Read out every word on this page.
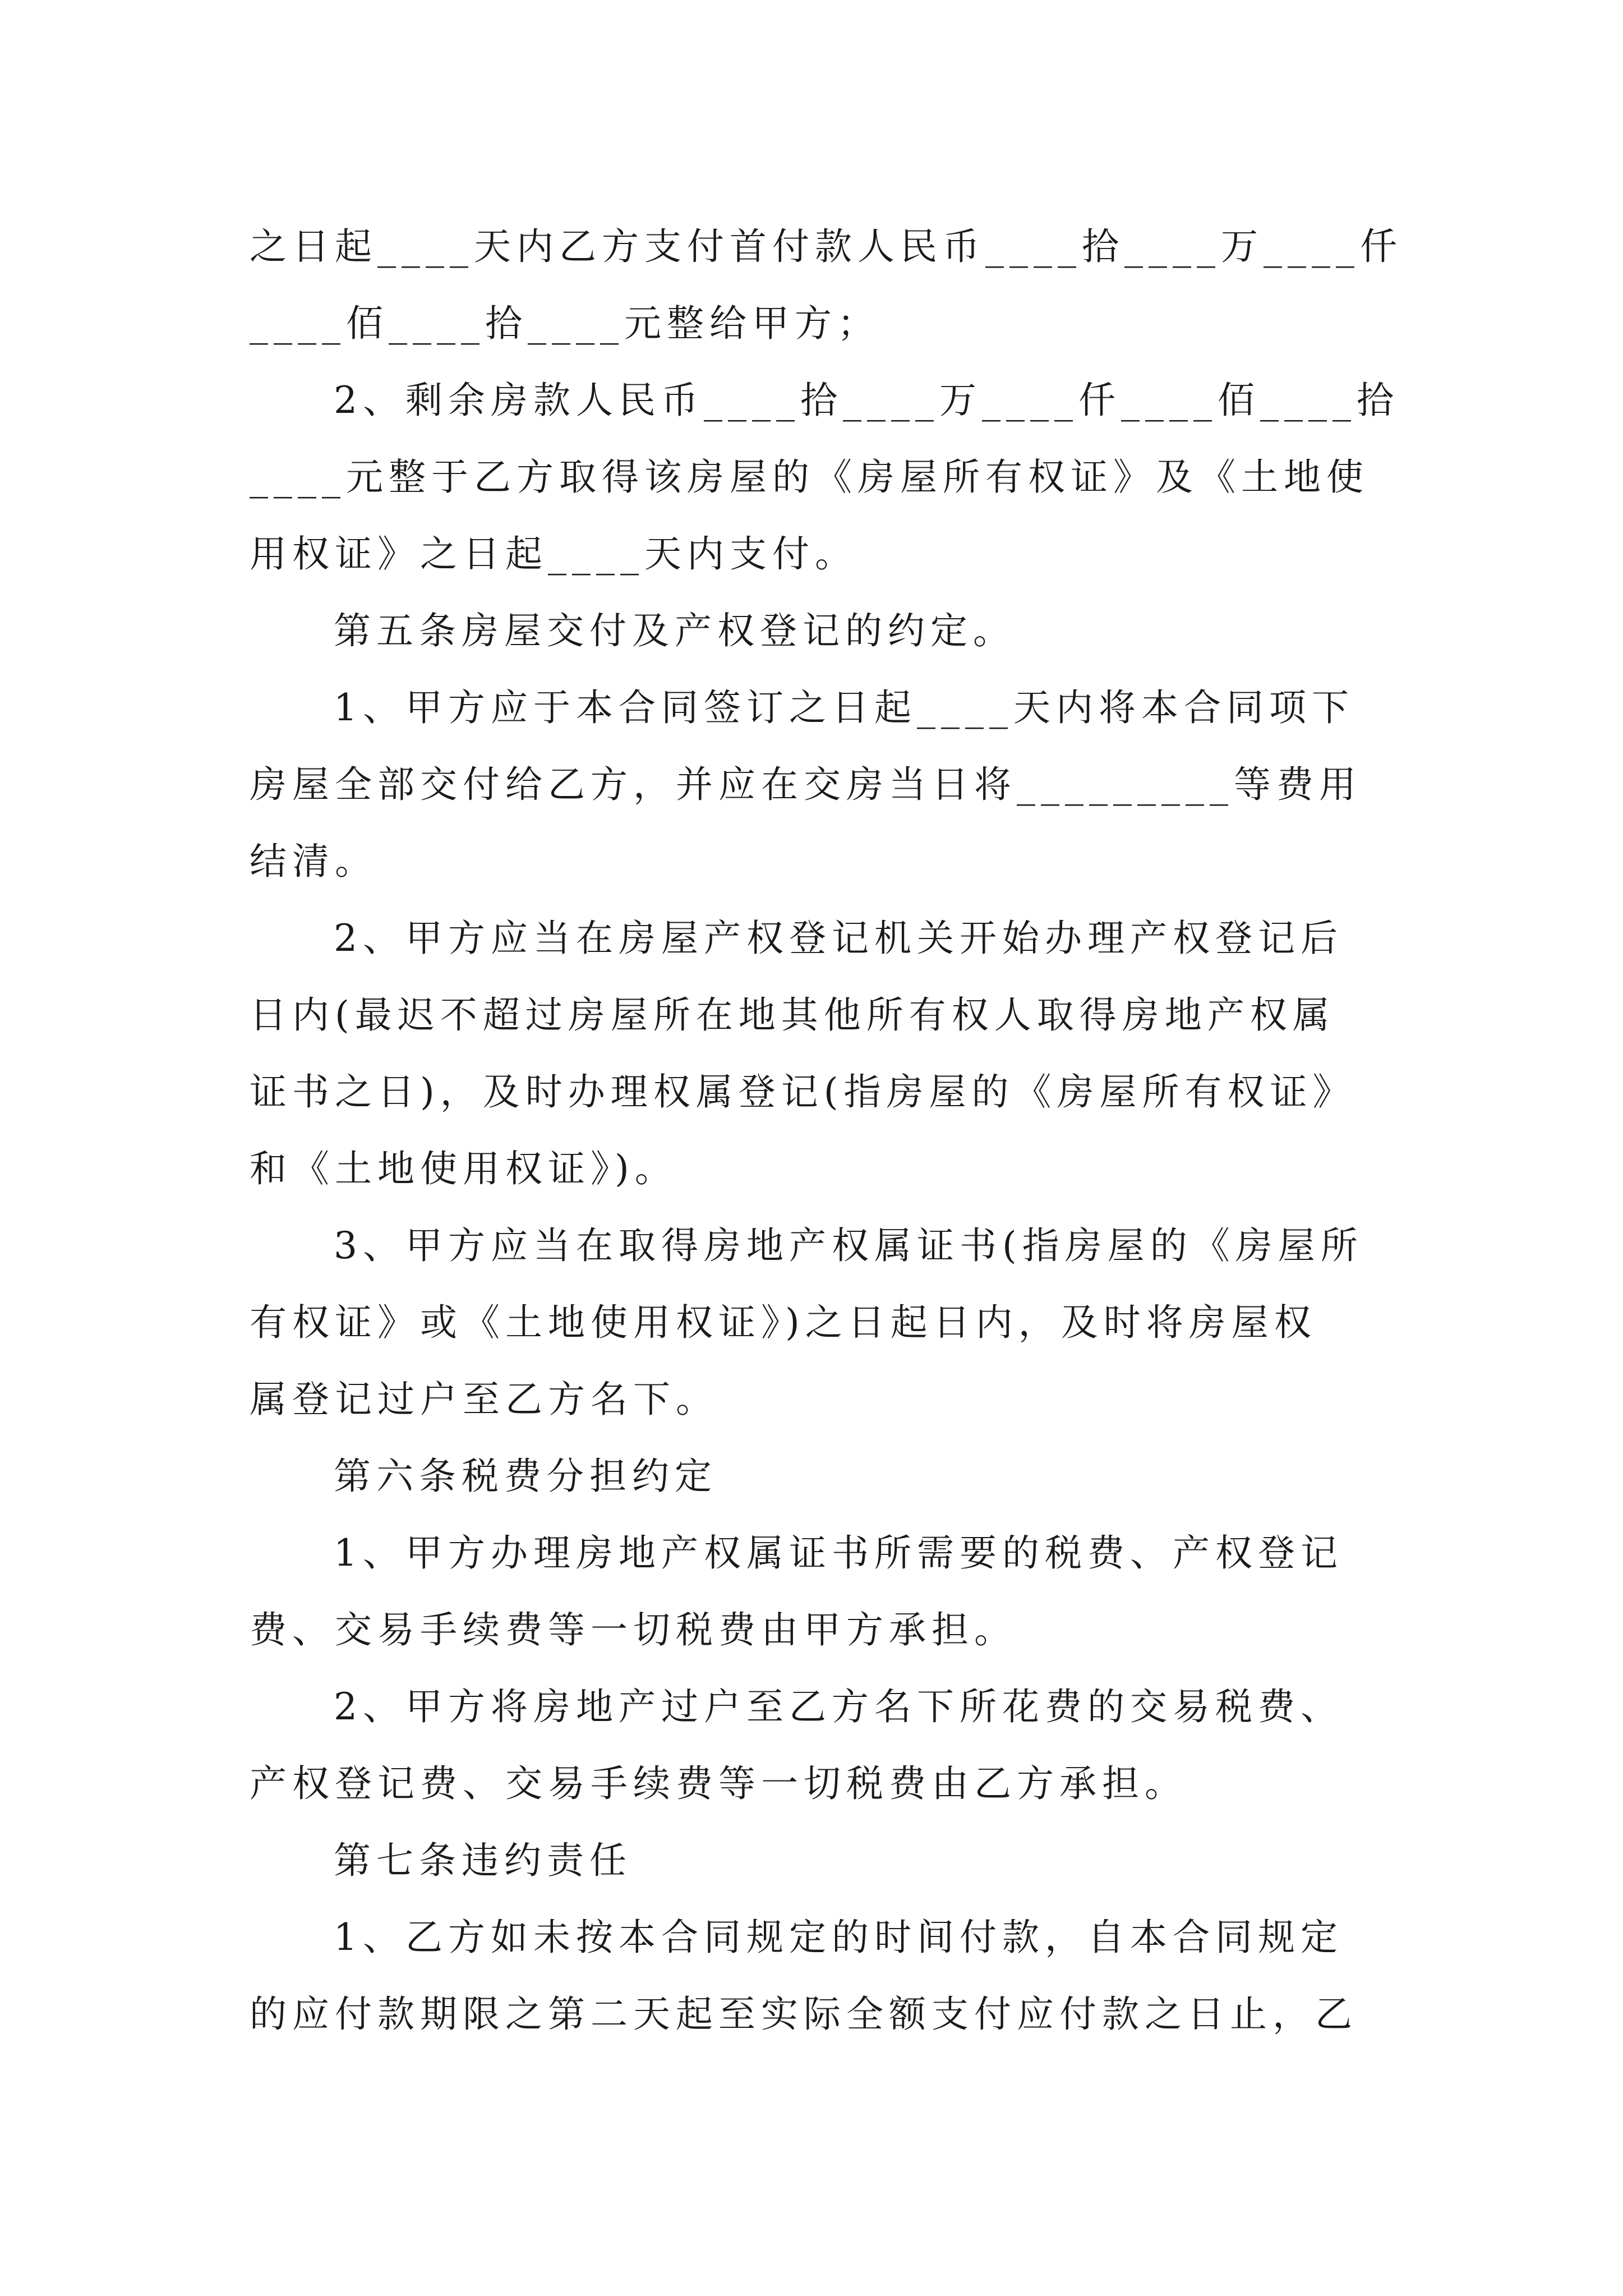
之日起____天内乙方支付首付款人民币____拾____万____仟
____佰____拾____元整给甲方；
2、剩余房款人民币____拾____万____仟____佰____拾
____元整于乙方取得该房屋的《房屋所有权证》及《土地使
用权证》之日起____天内支付。
第五条房屋交付及产权登记的约定。
1、甲方应于本合同签订之日起____天内将本合同项下
房屋全部交付给乙方，并应在交房当日将_________等费用
结清。
2、甲方应当在房屋产权登记机关开始办理产权登记后
日内(最迟不超过房屋所在地其他所有权人取得房地产权属
证书之日)，及时办理权属登记(指房屋的《房屋所有权证》
和《土地使用权证》)。
3、甲方应当在取得房地产权属证书(指房屋的《房屋所
有权证》或《土地使用权证》)之日起日内，及时将房屋权
属登记过户至乙方名下。
第六条税费分担约定
1、甲方办理房地产权属证书所需要的税费、产权登记
费、交易手续费等一切税费由甲方承担。
2、甲方将房地产过户至乙方名下所花费的交易税费、
产权登记费、交易手续费等一切税费由乙方承担。
第七条违约责任
1、乙方如未按本合同规定的时间付款，自本合同规定
的应付款期限之第二天起至实际全额支付应付款之日止，乙
